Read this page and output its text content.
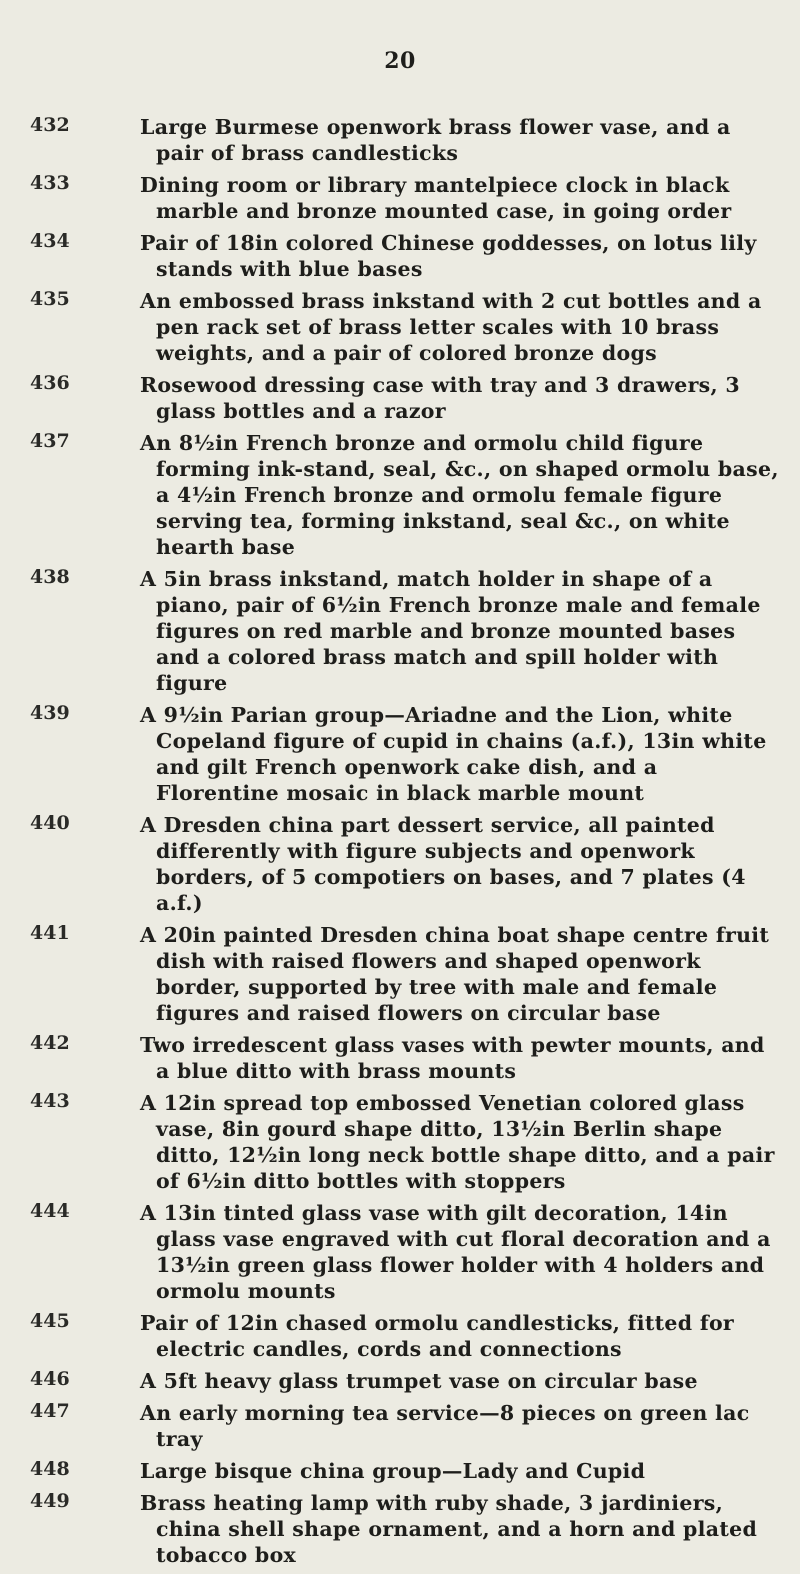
20
432	Large Burmese openwork brass flower vase, and a pair of brass candlesticks
433	Dining room or library mantelpiece clock in black marble and bronze mounted case, in going order
434	Pair of 18in colored Chinese goddesses, on lotus lily stands with blue bases
435	An embossed brass inkstand with 2 cut bottles and a pen rack set of brass letter scales with 10 brass weights, and a pair of colored bronze dogs
436	Rosewood dressing case with tray and 3 drawers, 3 glass bottles and a razor
437	An 8½in French bronze and ormolu child figure forming ink-stand, seal, &c., on shaped ormolu base, a 4½in French bronze and ormolu female figure serving tea, forming inkstand, seal &c., on white hearth base
438	A 5in brass inkstand, match holder in shape of a piano, pair of 6½in French bronze male and female figures on red marble and bronze mounted bases and a colored brass match and spill holder with figure
439	A 9½in Parian group—Ariadne and the Lion, white Copeland figure of cupid in chains (a.f.), 13in white and gilt French openwork cake dish, and a Florentine mosaic in black marble mount
440	A Dresden china part dessert service, all painted differently with figure subjects and openwork borders, of 5 compotiers on bases, and 7 plates (4 a.f.)
441	A 20in painted Dresden china boat shape centre fruit dish with raised flowers and shaped openwork border, supported by tree with male and female figures and raised flowers on circular base
442	Two irredescent glass vases with pewter mounts, and a blue ditto with brass mounts
443	A 12in spread top embossed Venetian colored glass vase, 8in gourd shape ditto, 13½in Berlin shape ditto, 12½in long neck bottle shape ditto, and a pair of 6½in ditto bottles with stoppers
444	A 13in tinted glass vase with gilt decoration, 14in glass vase engraved with cut floral decoration and a 13½in green glass flower holder with 4 holders and ormolu mounts
445	Pair of 12in chased ormolu candlesticks, fitted for electric candles, cords and connections
446	A 5ft heavy glass trumpet vase on circular base
447	An early morning tea service—8 pieces on green lac tray
448	Large bisque china group—Lady and Cupid
449	Brass heating lamp with ruby shade, 3 jardiniers, china shell shape ornament, and a horn and plated tobacco box
